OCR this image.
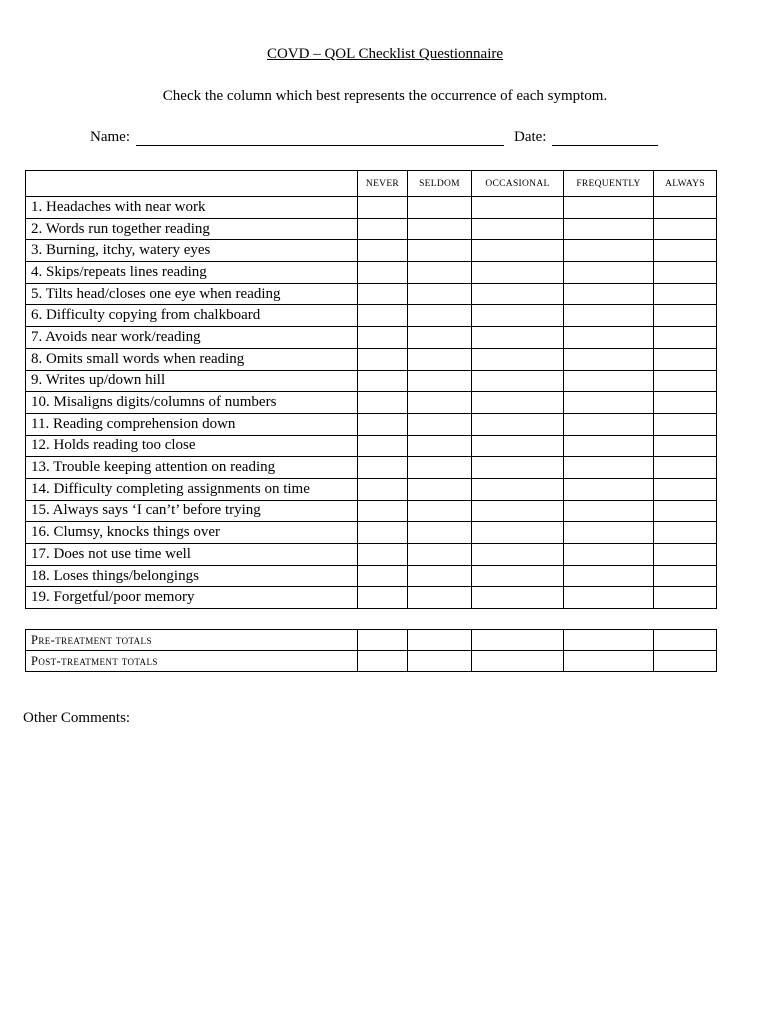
COVD – QOL Checklist Questionnaire
Check the column which best represents the occurrence of each symptom.
Name:	Date:
	NEVER	SELDOM	OCCASIONAL	FREQUENTLY	ALWAYS
1. Headaches with near work					
2. Words run together reading					
3. Burning, itchy, watery eyes					
4. Skips/repeats lines reading					
5. Tilts head/closes one eye when reading					
6. Difficulty copying from chalkboard					
7. Avoids near work/reading					
8. Omits small words when reading					
9. Writes up/down hill					
10. Misaligns digits/columns of numbers					
11. Reading comprehension down					
12. Holds reading too close					
13. Trouble keeping attention on reading					
14. Difficulty completing assignments on time					
15. Always says ‘I can’t’ before trying					
16. Clumsy, knocks things over					
17. Does not use time well					
18. Loses things/belongings					
19. Forgetful/poor memory					
Pre-treatment totals					
Post-treatment totals					
Other Comments:
